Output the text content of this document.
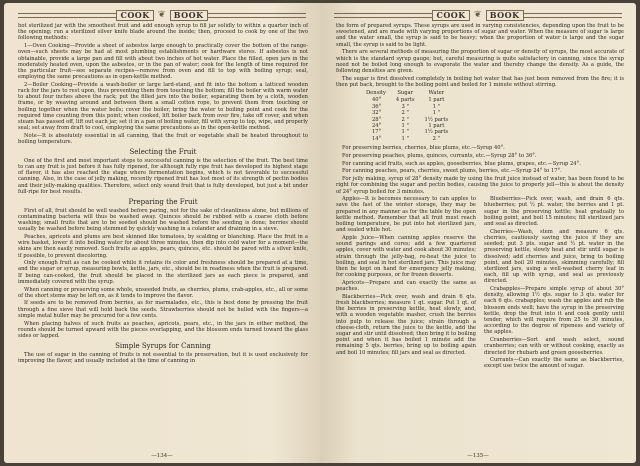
COOK ❦	BOOK

hot sterilized jar with the smoothest fruit and add enough syrup to fill jar solidly to within a quarter inch of the opening; run a sterilized silver knife blade around the inside; then, proceed to cook by one of the two following methods:

1—Oven Cooking—Provide a sheet of asbestos large enough to practically cover the bottom of the range-oven—such sheets may be had at most plumbing establishments or hardware stores. If asbestos is not obtainable, provide a large pan and fill with about two inches of hot water. Place the filled, open jars in the moderately heated oven, upon the asbestos, or in the pan of water; cook for the length of time required for the particular fruit—see separate recipes—remove from oven and fill to top with boiling syrup; seal, employing the same precautions as in open-kettle method.

2—Boiler Cooking—Provide a wash-boiler or large lard-stand, and fit into the bottom a latticed wooden rack for the jars to rest upon, thus preventing them from touching the bottom; fill the boiler with warm water to about four inches above the rack; put the filled jars into the boiler, separating them by a cloth, wooden frame, or by weaving around and between them a small cotton rope, to prevent them from touching or boiling together when the water boils; cover the boiler, bring the water to boiling point and cook for the required time counting from this point; when cooked, lift boiler back from over fire, take off cover, and when steam has passed off, lift out each jar, set it in a pan of boiling water, fill with syrup to top, wipe, and properly seal; set away from draft to cool, employing the same precautions as in the open-kettle method.

Note—It is absolutely essential in all canning, that the fruit or vegetable shall be heated throughout to boiling temperature.

Selecting the Fruit

One of the first and most important steps to successful canning is the selection of the fruit. The best time to can any fruit is just before it has fully ripened, for although fully ripe fruit has developed its highest stage of flavor, it has also reached the stage where fermentation begins, which is not favorable to successful canning. Also, in the case of jelly making, recently ripened fruit has lost most of its strength of pectin bodies and their jelly-making qualities. Therefore, select only sound fruit that is fully developed, but just a bit under full-ripe for best results.

Preparing the Fruit

First of all, fruit should be well washed before paring, not for the sake of cleanliness alone, but millions of contaminating bacteria will thus be washed away. Quinces should be rubbed with a coarse cloth before washing; small fruits that are to be seeded should be washed before the seeding is done; berries should usually be washed before being stemmed by quickly washing in a colander and draining in a sieve.

Peaches, apricots and plums are best skinned like tomatoes, by scalding or blanching. Place the fruit in a wire basket, lower it into boiling water for about three minutes, then dip into cold water for a moment—the skins are then easily removed. Such fruits as apples, pears, quinces, etc. should be pared with a silver knife, if possible, to prevent discoloring.

Only enough fruit as can be cooked while it retains its color and freshness should be prepared at a time, and the sugar or syrup, measuring bowls, kettle, jars, etc., should be in readiness when the fruit is prepared. If being can-cooked, the fruit should be placed in the sterilized jars as each piece is prepared, and immediately covered with the syrup.

When canning or preserving some whole, unseeded fruits, as cherries, plums, crab-apples, etc., all or some of the short stems may be left on, as it tends to improve the flavor.

If seeds are to be removed from berries, as for marmalades, etc., this is best done by pressing the fruit through a fine sieve that will hold back the seeds. Strawberries should not be hulled with the fingers—a simple metal huller may be procured for a few cents.

When placing halves of such fruits as peaches, apricots, pears, etc., in the jars in either method, the rounds should be turned upward with the pieces overlapping, and the blossom ends turned toward the glass sides or lapped.

Simple Syrups for Canning

The use of sugar in the canning of fruits is not essential to its preservation, but it is used exclusively for improving the flavor, and usually included at the time of canning in

—134—
COOK ❦	BOOK

the form of prepared syrups. These syrups are used in varying consistencies, depending upon the fruit to be sweetened, and are made with varying proportions of sugar and water. When the measure of sugar is large and the water small, the syrup is said to be heavy; when the proportion of water is large and the sugar small, the syrup is said to be light.

There are several methods of measuring the proportion of sugar or density of syrups, the most accurate of which is the standard syrup gauge; but, careful measuring is quite satisfactory in canning, since the syrup need not be boiled long enough to evaporate the water and thereby change the density. As a guide, the following densities are given.

The sugar is first dissolved completely in boiling hot water that has just been removed from the fire; it is then put back, brought to the boiling point and boiled for 1 minute without stirring.

Density	Sugar	Water
40°	4 parts	1 part
36°	3 "	1 "
32°	2 "	1 "
28°	2 "	1½ parts
24°	1 "	1 part
17°	1 "	1½ parts
14°	1 "	2 "

For preserving berries, cherries, blue plums, etc.—Syrup 40°.

For preserving peaches, plums, quinces, currants, etc.—Syrup 28° to 36°.

For canning acid fruits, such as apples, gooseberries, blue plums, grapes, etc.—Syrup 24°.

For canning peaches, pears, cherries, sweet plums, berries, etc.—Syrup 24° to 17°.

For jelly making, syrup of 28° density made by using the fruit juice instead of water, has been found to be right for combining the sugar and pectin bodies, causing the juice to properly jell—this is about the density of 24° syrup boiled for 3 minutes.

Apples—It is becomes necessary to can apples to save the fast of the winter storage, they may be prepared in any manner as for the table by the open kettle method. Remember that all fruit must reach boiling temperature, be put into hot sterilized jars, and sealed while hot.

Apple Juice—When canning apples reserve the sound parings and cores; add a few quartered apples, cover with water and cook about 30 minutes; strain through the jelly-bag, re-heat the juice to boiling, and seal in hot sterilized jars. This juice may then be kept on hand for emergency jelly making, for cooking purposes, or for frozen desserts.

Apricots—Prepare and can exactly the same as peaches.

Blackberries—Pick over, wash and drain 6 qts. fresh blackberries; measure 1 qt. sugar. Put 1 qt. of the berries in preserving kettle, heat slowly, and, with a wooden vegetable masher, crush the berries into pulp to release the juice; strain through a cheese-cloth, return the juice to the kettle, add the sugar and stir until dissolved; then bring it to boiling point and when it has boiled 1 minute add the remaining 5 qts. berries, bring up to boiling again and boil 10 minutes; fill jars and seal as directed.

Blueberries—Pick over, wash, and drain 6 qts. blueberries; put ½ pt. water, the berries and 1 pt. sugar in the preserving kettle; heat gradually to boiling point, and boil 15 minutes; fill sterilized jars and seal as directed.

Cherries—Wash, stem and measure 6 qts. cherries, cautiously saving the juice if they are seeded; put 3 pts. sugar and ½ pt. water in the preserving kettle, slowly heat and stir until sugar is dissolved; add cherries and juice, bring to boiling point, and boil 20 minutes, skimming carefully; fill sterilized jars, using a well-washed cherry leaf in each, fill up with syrup, and seal as previously directed.

Crabapples—Prepare simple syrup of about 30° density, allowing 1½ qts. sugar to 3 qts. water for each 6 qts. crabapples; wash the apples and rub the blossom ends well; have the syrup in the preserving kettle, drop the fruit into it and cook gently until tender, which will require from 25 to 30 minutes, according to the degree of ripeness and variety of the apples.

Cranberries—Sort and wash select, sound cranberries; can with or without cooking, exactly as directed for rhubarb and green gooseberries.

Currants—Can exactly the same as blackberries, except use twice the amount of sugar.

—135—
